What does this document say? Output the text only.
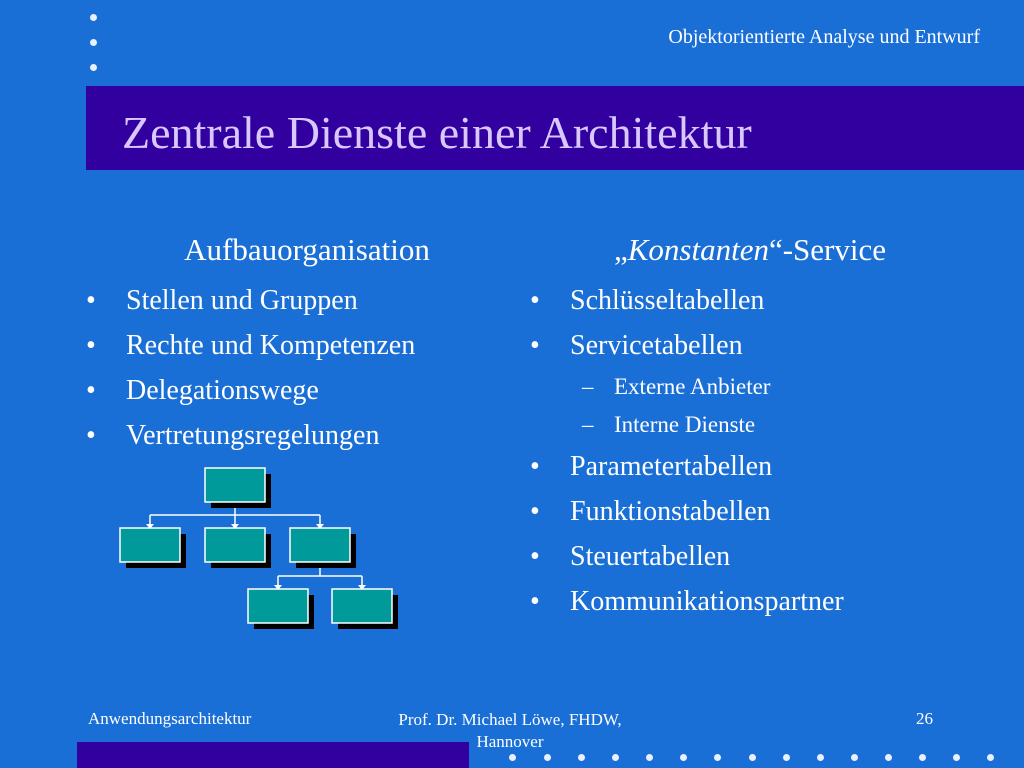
Objektorientierte Analyse und Entwurf
Zentrale Dienste einer Architektur
Aufbauorganisation
•	Stellen und Gruppen
•	Rechte und Kompetenzen
•	Delegationswege
•	Vertretungsregelungen
„Konstanten“-Service
•	Schlüsseltabellen
•	Servicetabellen
– Externe Anbieter
– Interne Dienste
•	Parametertabellen
•	Funktionstabellen
•	Steuertabellen
•	Kommunikationspartner
Anwendungsarchitektur	Prof. Dr. Michael Löwe, FHDW,
Hannover
26
